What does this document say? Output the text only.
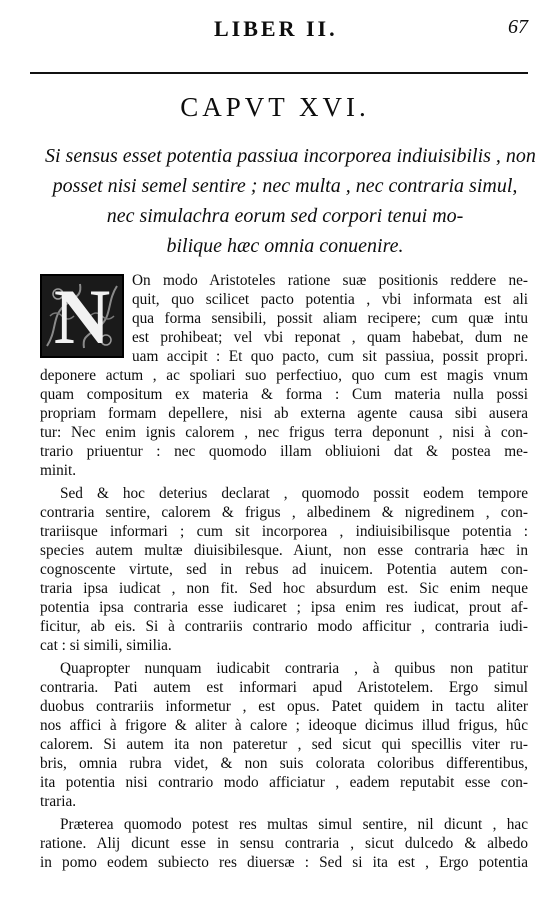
LIBER II.	67
CAPVT XVI.
Si sensus esset potentia passiua incorporea indiuisibilis , non
posset nisi semel sentire ; nec multa , nec contraria simul,
nec simulachra eorum sed corpori tenui mo-
bilique hæc omnia conuenire.
N	On modo Aristoteles ratione suæ positionis reddere ne-
quit, quo scilicet pacto potentia , vbi informata est ali
qua forma sensibili, possit aliam recipere; cum quæ intu
est prohibeat; vel vbi reponat , quam habebat, dum ne
uam accipit : Et quo pacto, cum sit passiua, possit propri.
deponere actum , ac spoliari suo perfectiuo, quo cum est magis vnum
quam compositum ex materia & forma : Cum materia nulla possi
propriam formam depellere, nisi ab externa agente causa sibi ausera
tur: Nec enim ignis calorem , nec frigus terra deponunt , nisi à con-
trario priuentur : nec quomodo illam obliuioni dat & postea me-
minit.
Sed & hoc deterius declarat , quomodo possit eodem tempore
contraria sentire, calorem & frigus , albedinem & nigredinem , con-
trariisque informari ; cum sit incorporea , indiuisibilisque potentia :
species autem multæ diuisibilesque. Aiunt, non esse contraria hæc in
cognoscente virtute, sed in rebus ad inuicem. Potentia autem con-
traria ipsa iudicat , non fit. Sed hoc absurdum est. Sic enim neque
potentia ipsa contraria esse iudicaret ; ipsa enim res iudicat, prout af-
ficitur, ab eis. Si à contrariis contrario modo afficitur , contraria iudi-
cat : si simili, similia.
Quapropter nunquam iudicabit contraria , à quibus non patitur
contraria. Pati autem est informari apud Aristotelem. Ergo simul
duobus contrariis informetur , est opus. Patet quidem in tactu aliter
nos affici à frigore & aliter à calore ; ideoque dicimus illud frigus, hûc
calorem. Si autem ita non pateretur , sed sicut qui specillis viter ru-
bris, omnia rubra videt, & non suis colorata coloribus differentibus,
ita potentia nisi contrario modo afficiatur , eadem reputabit esse con-
traria.
Præterea quomodo potest res multas simul sentire, nil dicunt , hac
ratione. Alij dicunt esse in sensu contraria , sicut dulcedo & albedo
in pomo eodem subiecto res diuersæ : Sed si ita est , Ergo potentia
